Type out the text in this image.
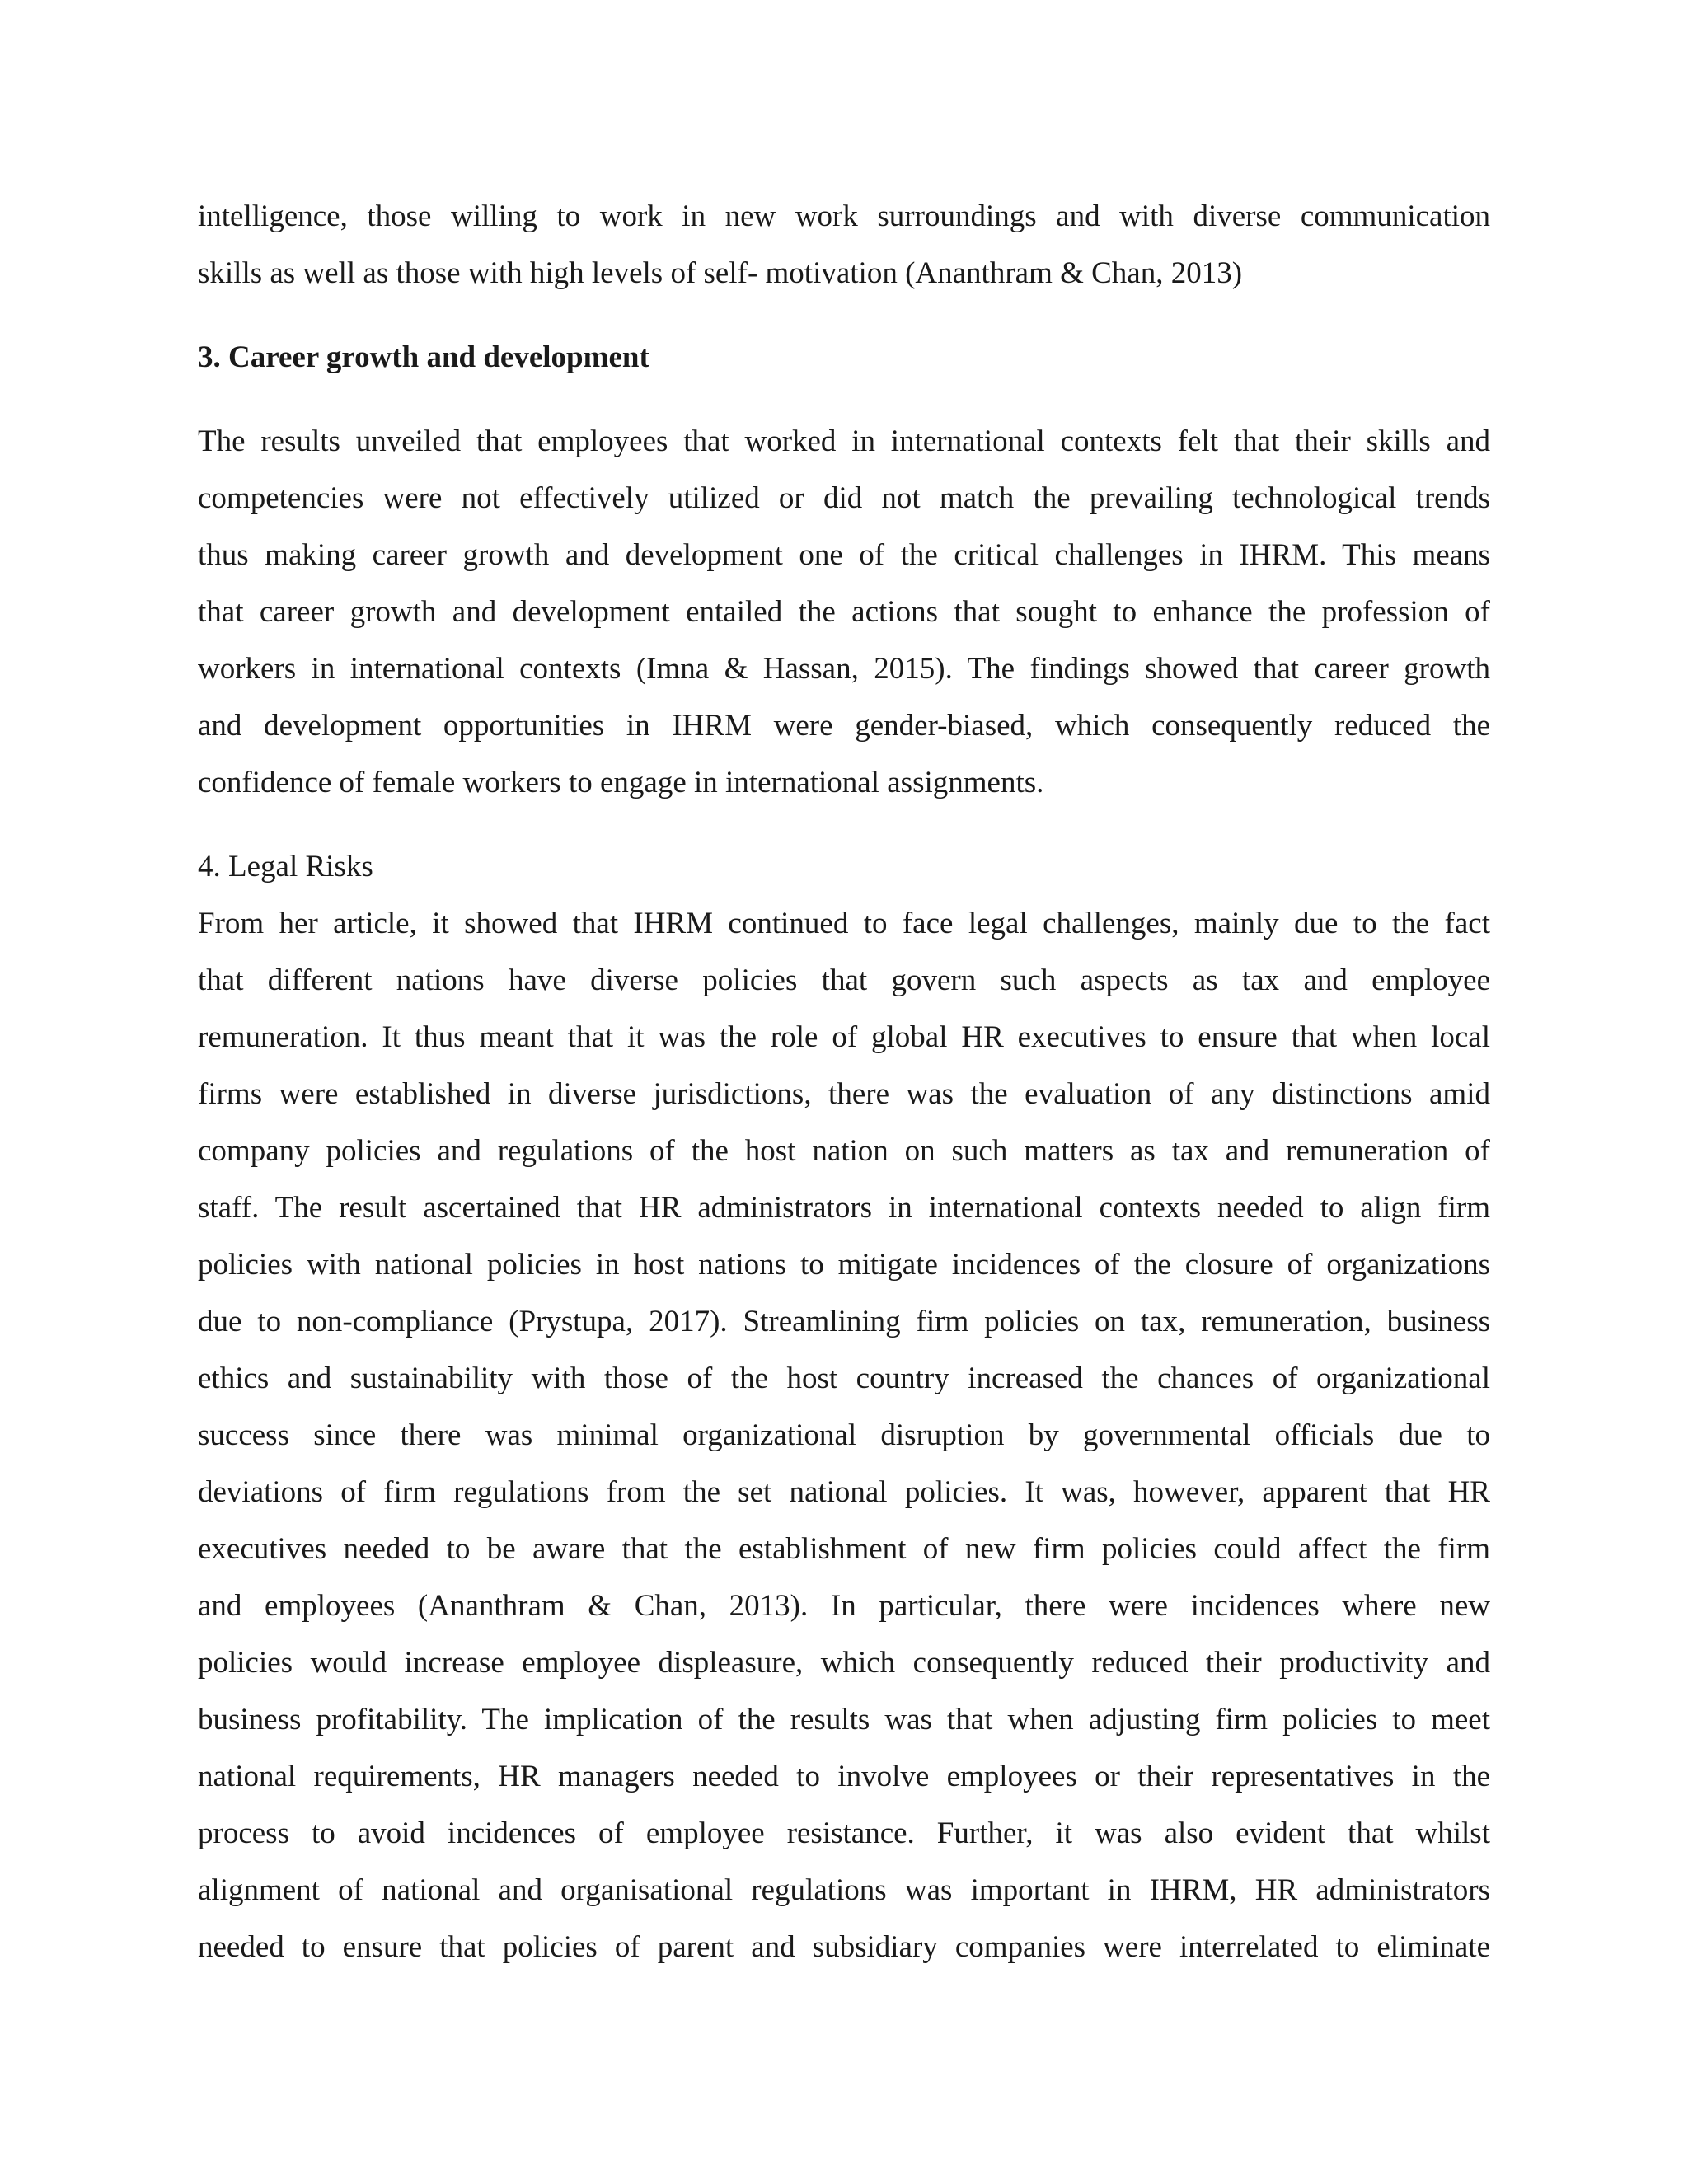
intelligence, those willing to work in new work surroundings and with diverse communication
skills as well as those with high levels of self- motivation (Ananthram & Chan, 2013)
3. Career growth and development
The results unveiled that employees that worked in international contexts felt that their skills and
competencies were not effectively utilized or did not match the prevailing technological trends
thus making career growth and development one of the critical challenges in IHRM. This means
that career growth and development entailed the actions that sought to enhance the profession of
workers in international contexts (Imna & Hassan, 2015). The findings showed that career growth
and development opportunities in IHRM were gender-biased, which consequently reduced the
confidence of female workers to engage in international assignments.
4. Legal Risks
From her article, it showed that IHRM continued to face legal challenges, mainly due to the fact
that different nations have diverse policies that govern such aspects as tax and employee
remuneration. It thus meant that it was the role of global HR executives to ensure that when local
firms were established in diverse jurisdictions, there was the evaluation of any distinctions amid
company policies and regulations of the host nation on such matters as tax and remuneration of
staff. The result ascertained that HR administrators in international contexts needed to align firm
policies with national policies in host nations to mitigate incidences of the closure of organizations
due to non-compliance (Prystupa, 2017). Streamlining firm policies on tax, remuneration, business
ethics and sustainability with those of the host country increased the chances of organizational
success since there was minimal organizational disruption by governmental officials due to
deviations of firm regulations from the set national policies. It was, however, apparent that HR
executives needed to be aware that the establishment of new firm policies could affect the firm
and employees (Ananthram & Chan, 2013). In particular, there were incidences where new
policies would increase employee displeasure, which consequently reduced their productivity and
business profitability. The implication of the results was that when adjusting firm policies to meet
national requirements, HR managers needed to involve employees or their representatives in the
process to avoid incidences of employee resistance. Further, it was also evident that whilst
alignment of national and organisational regulations was important in IHRM, HR administrators
needed to ensure that policies of parent and subsidiary companies were interrelated to eliminate
